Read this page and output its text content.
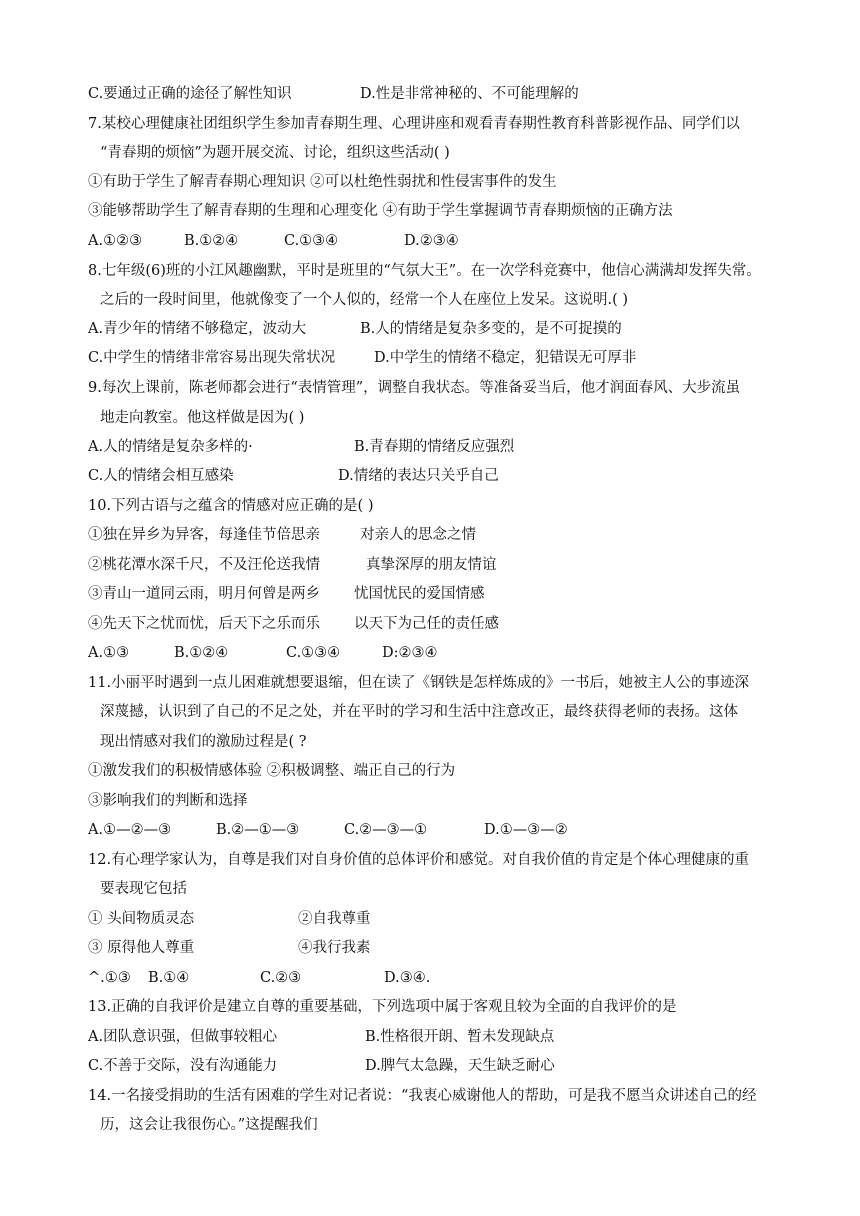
C.要通过正确的途径了解性知识	D.性是非常神秘的、不可能理解的
7.某校心理健康社团组织学生参加青春期生理、心理讲座和观看青春期性教育科普影视作品、同学们以
“青春期的烦恼”为题开展交流、讨论，组织这些活动( )
①有助于学生了解青春期心理知识 ②可以杜绝性弱扰和性侵害事件的发生
③能够帮助学生了解青春期的生理和心理变化 ④有助于学生掌握调节青春期烦恼的正确方法
A.①②③	B.①②④	C.①③④	D.②③④
8.七年级(6)班的小江风趣幽默，平时是班里的“气氛大王”。在一次学科竞赛中，他信心满满却发挥失常。
之后的一段时间里，他就像变了一个人似的，经常一个人在座位上发呆。这说明.( )
A.青少年的情绪不够稳定，波动大	B.人的情绪是复杂多变的，是不可捉摸的
C.中学生的情绪非常容易出现失常状况	D.中学生的情绪不稳定，犯错误无可厚非
9.每次上课前，陈老师都会进行“表情管理”，调整自我状态。等准备妥当后，他才润面春风、大步流虽
地走向教室。他这样做是因为( )
A.人的情绪是复杂多样的·	B.青春期的情绪反应强烈
C.人的情绪会相互感染	D.情绪的表达只关乎自己
10.下列古语与之蕴含的情感对应正确的是( )
①独在异乡为异客，每逢佳节倍思亲	对亲人的思念之情
②桃花潭水深千尺，不及汪伦送我情	真挚深厚的朋友情谊
③青山一道同云雨，明月何曾是两乡 忧国忧民的爱国情感
④先天下之忧而忧，后天下之乐而乐 以天下为己任的责任感
A.①③	B.①②④	C.①③④	D:②③④
11.小丽平时遇到一点儿困难就想要退缩，但在读了《钢铁是怎样炼成的》一书后，她被主人公的事迹深
深蔑撼，认识到了自己的不足之处，并在平时的学习和生活中注意改正，最终获得老师的表扬。这体
现出情感对我们的激励过程是( ?
①激发我们的积极情感体验 ②积极调整、端正自己的行为
③影响我们的判断和选择
A.①—②—③	B.②—①—③	C.②—③—①	D.①—③—②
12.有心理学家认为，自尊是我们对自身价值的总体评价和感觉。对自我价值的肯定是个体心理健康的重
要表现它包括
① 头间物质灵态	②自我尊重
③ 原得他人尊重	④我行我素
^.①③ B.①④	C.②③	D.③④.
13.正确的自我评价是建立自尊的重要基础，下列选项中属于客观且较为全面的自我评价的是
A.团队意识强，但做事较粗心	B.性格很开朗、暂未发现缺点
C.不善于交际，没有沟通能力	D.脾气太急躁，天生缺乏耐心
14.一名接受捐助的生活有困难的学生对记者说：“我衷心威谢他人的帮助，可是我不愿当众讲述自己的经
历，这会让我很伤心。”这提醒我们
